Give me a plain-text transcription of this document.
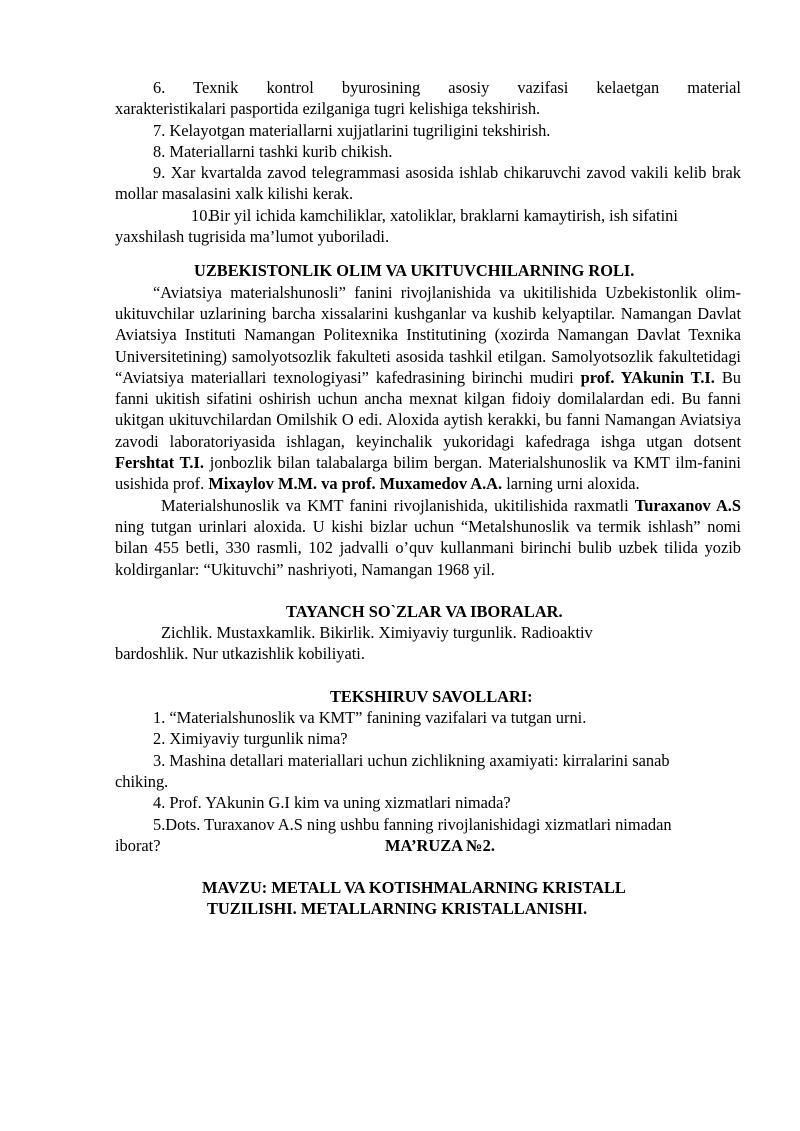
6. Texnik kontrol byurosining asosiy vazifasi kelaetgan material

xarakteristikalari pasportida ezilganiga tugri kelishiga tekshirish.

7. Kelayotgan materiallarni xujjatlarini tugriligini tekshirish.

8. Materiallarni tashki kurib chikish.

9. Xar kvartalda zavod telegrammasi asosida ishlab chikaruvchi zavod vakili kelib brak mollar masalasini xalk kilishi kerak.

10.Bir yil ichida kamchiliklar, xatoliklar, braklarni kamaytirish, ish sifatini

yaxshilash tugrisida ma’lumot yuboriladi.

UZBEKISTONLIK OLIM VA UKITUVCHILARNING ROLI.

“Aviatsiya materialshunosli” fanini rivojlanishida va ukitilishida Uzbekistonlik olim-ukituvchilar uzlarining barcha xissalarini kushganlar va kushib kelyaptilar. Namangan Davlat Aviatsiya Instituti Namangan Politexnika Institutining (xozirda Namangan Davlat Texnika Universitetining) samolyotsozlik fakulteti asosida tashkil etilgan. Samolyotsozlik fakultetidagi “Aviatsiya materiallari texnologiyasi” kafedrasining birinchi mudiri prof. YAkunin T.I. Bu fanni ukitish sifatini oshirish uchun ancha mexnat kilgan fidoiy domilalardan edi. Bu fanni ukitgan ukituvchilardan Omilshik O edi. Aloxida aytish kerakki, bu fanni Namangan Aviatsiya zavodi laboratoriyasida ishlagan, keyinchalik yukoridagi kafedraga ishga utgan dotsent Fershtat T.I. jonbozlik bilan talabalarga bilim bergan. Materialshunoslik va KMT ilm-fanini usishida prof. Mixaylov M.M. va prof. Muxamedov A.A. larning urni aloxida.

Materialshunoslik va KMT fanini rivojlanishida, ukitilishida raxmatli Turaxanov A.S ning tutgan urinlari aloxida. U kishi bizlar uchun “Metalshunoslik va termik ishlash” nomi bilan 455 betli, 330 rasmli, 102 jadvalli o’quv kullanmani birinchi bulib uzbek tilida yozib koldirganlar: “Ukituvchi” nashriyoti, Namangan 1968 yil.

TAYANCH SO`ZLAR VA IBORALAR.

Zichlik. Mustaxkamlik. Bikirlik. Ximiyaviy turgunlik. Radioaktiv bardoshlik. Nur utkazishlik kobiliyati.

TEKSHIRUV SAVOLLARI:

1. “Materialshunoslik va KMT” fanining vazifalari va tutgan urni.

2. Ximiyaviy turgunlik nima?

3. Mashina detallari materiallari uchun zichlikning axamiyati: kirralarini sanab chiking.

4. Prof. YAkunin G.I kim va uning xizmatlari nimada?

5.Dots. Turaxanov A.S ning ushbu fanning rivojlanishidagi xizmatlari nimadan iborat?	MA’RUZA №2.

MAVZU: METALL VA KOTISHMALARNING KRISTALL

TUZILISHI. METALLARNING KRISTALLANISHI.
